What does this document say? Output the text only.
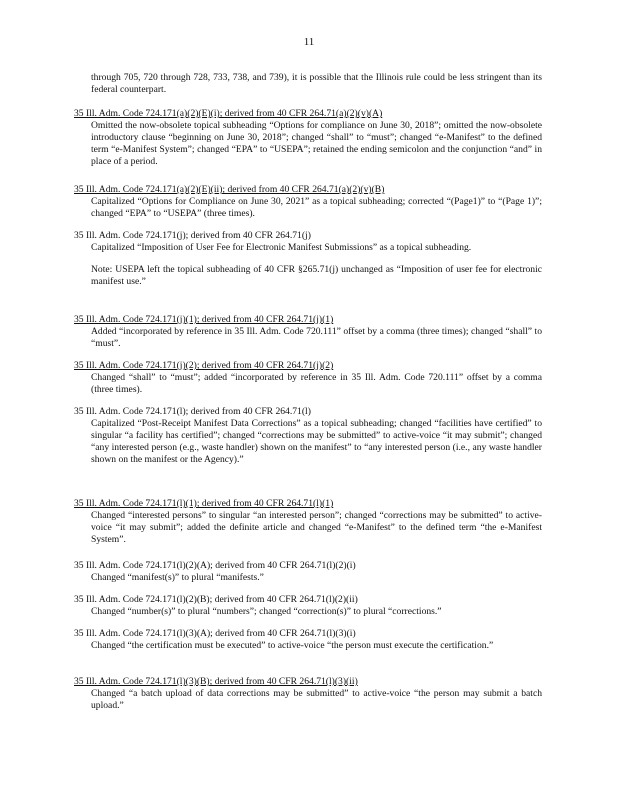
11
through 705, 720 through 728, 733, 738, and 739), it is possible that the Illinois rule could be less stringent than its federal counterpart.
35 Ill. Adm. Code 724.171(a)(2)(E)(i); derived from 40 CFR 264.71(a)(2)(v)(A)
Omitted the now-obsolete topical subheading “Options for compliance on June 30, 2018”; omitted the now-obsolete introductory clause “beginning on June 30, 2018”; changed “shall” to “must”; changed “e-Manifest” to the defined term “e-Manifest System”; changed “EPA” to “USEPA”; retained the ending semicolon and the conjunction “and” in place of a period.
35 Ill. Adm. Code 724.171(a)(2)(E)(ii); derived from 40 CFR 264.71(a)(2)(v)(B)
Capitalized “Options for Compliance on June 30, 2021” as a topical subheading; corrected “(Page1)” to “(Page 1)”; changed “EPA” to “USEPA” (three times).
35 Ill. Adm. Code 724.171(j); derived from 40 CFR 264.71(j)
Capitalized “Imposition of User Fee for Electronic Manifest Submissions” as a topical subheading.
Note: USEPA left the topical subheading of 40 CFR §265.71(j) unchanged as “Imposition of user fee for electronic manifest use.”
35 Ill. Adm. Code 724.171(j)(1); derived from 40 CFR 264.71(j)(1)
Added “incorporated by reference in 35 Ill. Adm. Code 720.111” offset by a comma (three times); changed “shall” to “must”.
35 Ill. Adm. Code 724.171(j)(2); derived from 40 CFR 264.71(j)(2)
Changed “shall” to “must”; added “incorporated by reference in 35 Ill. Adm. Code 720.111” offset by a comma (three times).
35 Ill. Adm. Code 724.171(l); derived from 40 CFR 264.71(l)
Capitalized “Post-Receipt Manifest Data Corrections” as a topical subheading; changed “facilities have certified” to singular “a facility has certified”; changed “corrections may be submitted” to active-voice “it may submit”; changed “any interested person (e.g., waste handler) shown on the manifest” to “any interested person (i.e., any waste handler shown on the manifest or the Agency).”
35 Ill. Adm. Code 724.171(l)(1); derived from 40 CFR 264.71(l)(1)
Changed “interested persons” to singular “an interested person”; changed “corrections may be submitted” to active-voice “it may submit”; added the definite article and changed “e-Manifest” to the defined term “the e-Manifest System”.
35 Ill. Adm. Code 724.171(l)(2)(A); derived from 40 CFR 264.71(l)(2)(i)
Changed “manifest(s)” to plural “manifests.”
35 Ill. Adm. Code 724.171(l)(2)(B); derived from 40 CFR 264.71(l)(2)(ii)
Changed “number(s)” to plural “numbers”; changed “correction(s)” to plural “corrections.”
35 Ill. Adm. Code 724.171(l)(3)(A); derived from 40 CFR 264.71(l)(3)(i)
Changed “the certification must be executed” to active-voice “the person must execute the certification.”
35 Ill. Adm. Code 724.171(l)(3)(B); derived from 40 CFR 264.71(l)(3)(ii)
Changed “a batch upload of data corrections may be submitted” to active-voice “the person may submit a batch upload.”
